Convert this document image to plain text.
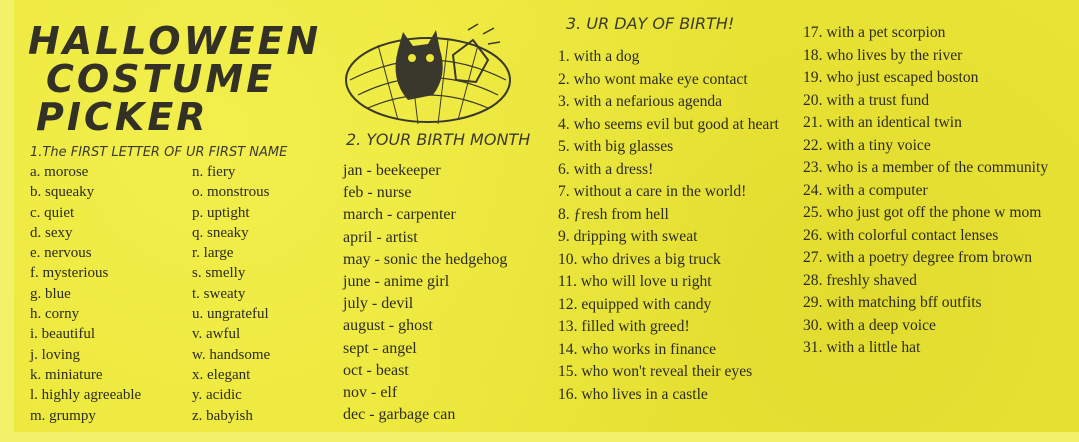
HALLOWEEN
COSTUME
PICKER
1.The FIRST LETTER OF UR FIRST NAME
a. morose
b. squeaky
c. quiet
d. sexy
e. nervous
f. mysterious
g. blue
h. corny
i. beautiful
j. loving
k. miniature
l. highly agreeable
m. grumpy
n. fiery
o. monstrous
p. uptight
q. sneaky
r. large
s. smelly
t. sweaty
u. ungrateful
v. awful
w. handsome
x. elegant
y. acidic
z. babyish
2. YOUR BIRTH MONTH
jan - beekeeper
feb - nurse
march - carpenter
april - artist
may - sonic the hedgehog
june - anime girl
july - devil
august - ghost
sept - angel
oct - beast
nov - elf
dec - garbage can
3. UR DAY OF BIRTH!
1. with a dog
2. who wont make eye contact
3. with a nefarious agenda
4. who seems evil but good at heart
5. with big glasses
6. with a dress!
7. without a care in the world!
8. ƒresh from hell
9. dripping with sweat
10. who drives a big truck
11. who will love u right
12. equipped with candy
13. filled with greed!
14. who works in finance
15. who won't reveal their eyes
16. who lives in a castle
17. with a pet scorpion
18. who lives by the river
19. who just escaped boston
20. with a trust fund
21. with an identical twin
22. with a tiny voice
23. who is a member of the community
24. with a computer
25. who just got off the phone w mom
26. with colorful contact lenses
27. with a poetry degree from brown
28. freshly shaved
29. with matching bff outfits
30. with a deep voice
31. with a little hat
